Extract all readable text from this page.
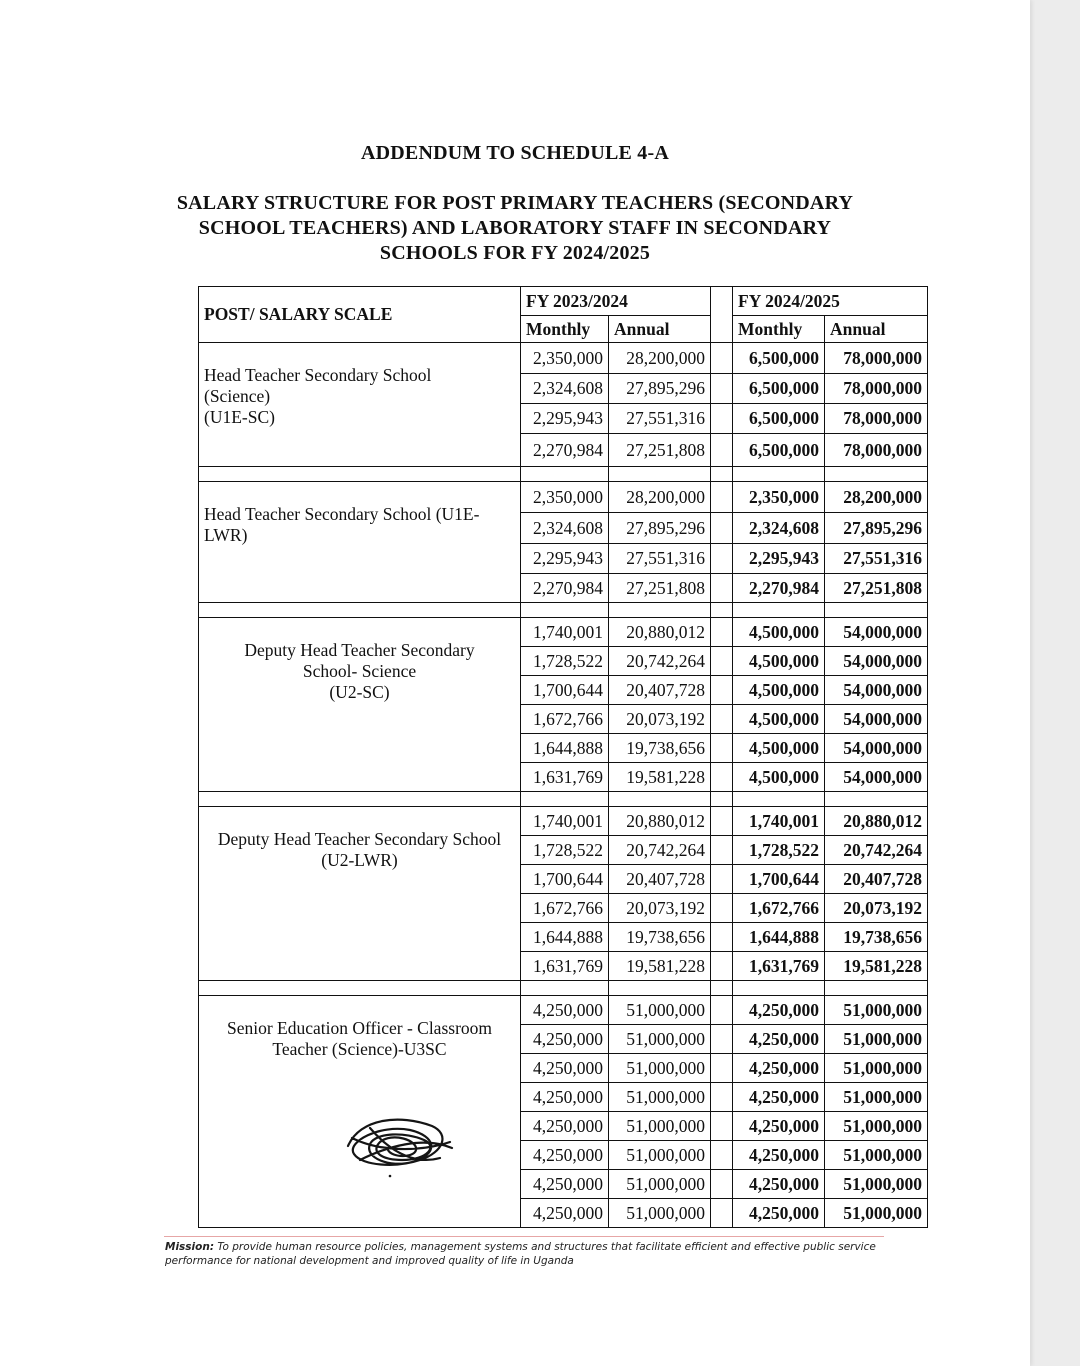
ADDENDUM TO SCHEDULE 4-A
SALARY STRUCTURE FOR POST PRIMARY TEACHERS (SECONDARY
SCHOOL TEACHERS) AND LABORATORY STAFF IN SECONDARY
SCHOOLS FOR FY 2024/2025
POST/ SALARY SCALE	FY 2023/2024			FY 2024/2025	
	Monthly	Annual		Monthly	Annual

Head Teacher Secondary School
(Science)
(U1E-SC)	2,350,000	28,200,000		6,500,000	78,000,000
	2,324,608	27,895,296		6,500,000	78,000,000
	2,295,943	27,551,316		6,500,000	78,000,000
	2,270,984	27,251,808		6,500,000	78,000,000

Head Teacher Secondary School (U1E-
LWR)	2,350,000	28,200,000		2,350,000	28,200,000
	2,324,608	27,895,296		2,324,608	27,895,296
	2,295,943	27,551,316		2,295,943	27,551,316
	2,270,984	27,251,808		2,270,984	27,251,808

Deputy Head Teacher Secondary
School- Science
(U2-SC)	1,740,001	20,880,012		4,500,000	54,000,000
	1,728,522	20,742,264		4,500,000	54,000,000
	1,700,644	20,407,728		4,500,000	54,000,000
	1,672,766	20,073,192		4,500,000	54,000,000
	1,644,888	19,738,656		4,500,000	54,000,000
	1,631,769	19,581,228		4,500,000	54,000,000

Deputy Head Teacher Secondary School
(U2-LWR)	1,740,001	20,880,012		1,740,001	20,880,012
	1,728,522	20,742,264		1,728,522	20,742,264
	1,700,644	20,407,728		1,700,644	20,407,728
	1,672,766	20,073,192		1,672,766	20,073,192
	1,644,888	19,738,656		1,644,888	19,738,656
	1,631,769	19,581,228		1,631,769	19,581,228

Senior Education Officer - Classroom
Teacher (Science)-U3SC	4,250,000	51,000,000		4,250,000	51,000,000
	4,250,000	51,000,000		4,250,000	51,000,000
	4,250,000	51,000,000		4,250,000	51,000,000
	4,250,000	51,000,000		4,250,000	51,000,000
	4,250,000	51,000,000		4,250,000	51,000,000
	4,250,000	51,000,000		4,250,000	51,000,000
	4,250,000	51,000,000		4,250,000	51,000,000
	4,250,000	51,000,000		4,250,000	51,000,000
Mission: To provide human resource policies, management systems and structures that facilitate efficient and effective public service performance for national development and improved quality of life in Uganda
